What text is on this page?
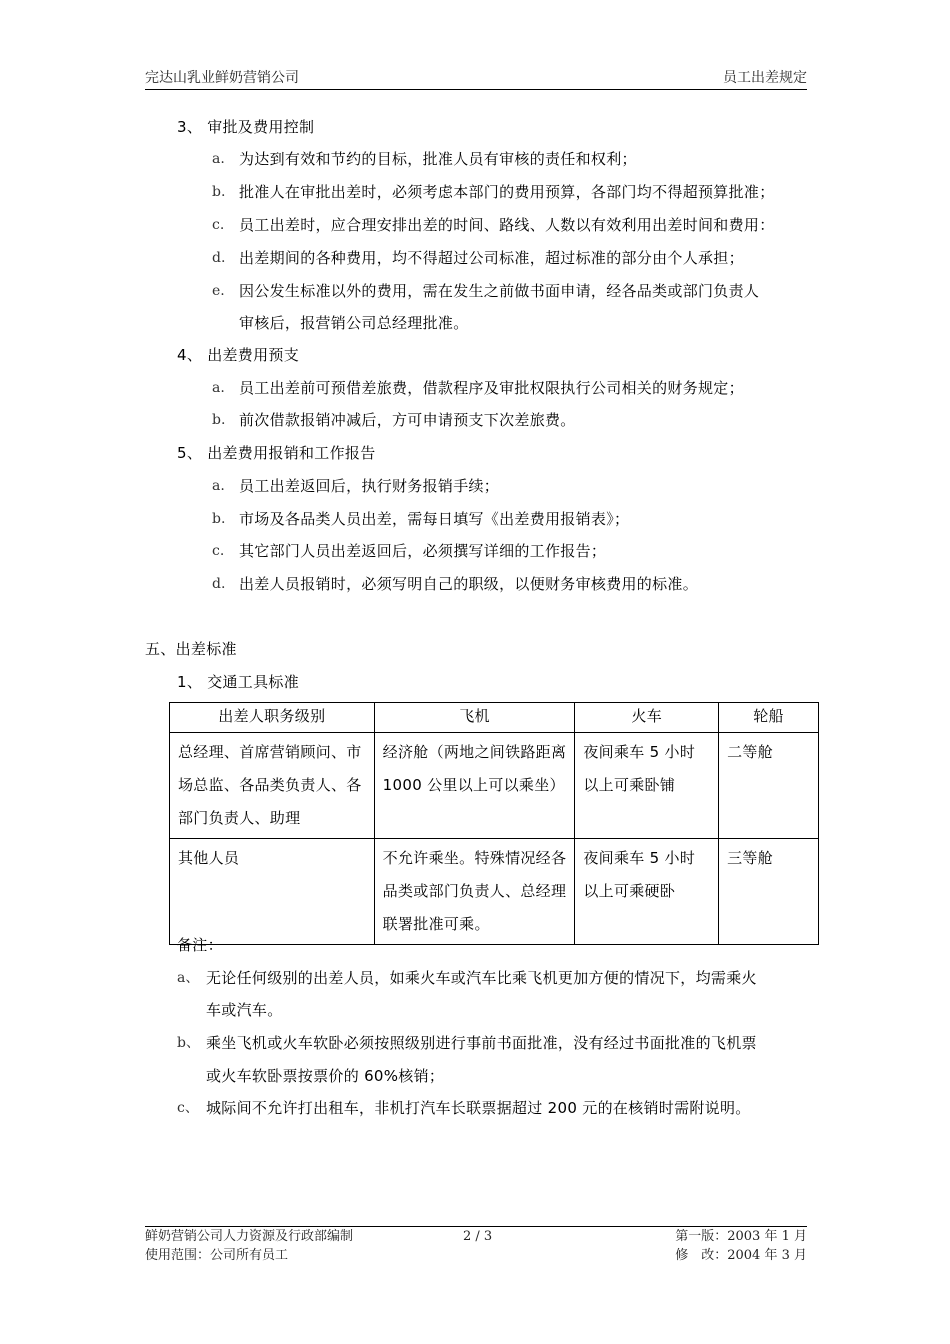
完达山乳业鲜奶营销公司	员工出差规定
3、 审批及费用控制
a. 为达到有效和节约的目标，批准人员有审核的责任和权利；
b. 批准人在审批出差时，必须考虑本部门的费用预算，各部门均不得超预算批准；
c. 员工出差时，应合理安排出差的时间、路线、人数以有效利用出差时间和费用：
d. 出差期间的各种费用，均不得超过公司标准，超过标准的部分由个人承担；
e. 因公发生标准以外的费用，需在发生之前做书面申请，经各品类或部门负责人
审核后，报营销公司总经理批准。
4、 出差费用预支
a. 员工出差前可预借差旅费，借款程序及审批权限执行公司相关的财务规定；
b. 前次借款报销冲减后，方可申请预支下次差旅费。
5、 出差费用报销和工作报告
a. 员工出差返回后，执行财务报销手续；
b. 市场及各品类人员出差，需每日填写《出差费用报销表》；
c. 其它部门人员出差返回后，必须撰写详细的工作报告；
d. 出差人员报销时，必须写明自己的职级，以便财务审核费用的标准。
五、出差标准
1、 交通工具标准
出差人职务级别	飞机	火车	轮船

总经理、首席营销顾问、市场总监、各品类负责人、各部门负责人、助理	经济舱（两地之间铁路距离 1000 公里以上可以乘坐）	夜间乘车 5 小时以上可乘卧铺	二等舱

其他人员	不允许乘坐。特殊情况经各品类或部门负责人、总经理联署批准可乘。	夜间乘车 5 小时以上可乘硬卧	三等舱
备注：
a、 无论任何级别的出差人员，如乘火车或汽车比乘飞机更加方便的情况下，均需乘火
车或汽车。
b、 乘坐飞机或火车软卧必须按照级别进行事前书面批准，没有经过书面批准的飞机票
或火车软卧票按票价的 60%核销；
c、 城际间不允许打出租车，非机打汽车长联票据超过 200 元的在核销时需附说明。
鲜奶营销公司人力资源及行政部编制	2 / 3	第一版：2003 年 1 月
使用范围：公司所有员工	修　改：2004 年 3 月
